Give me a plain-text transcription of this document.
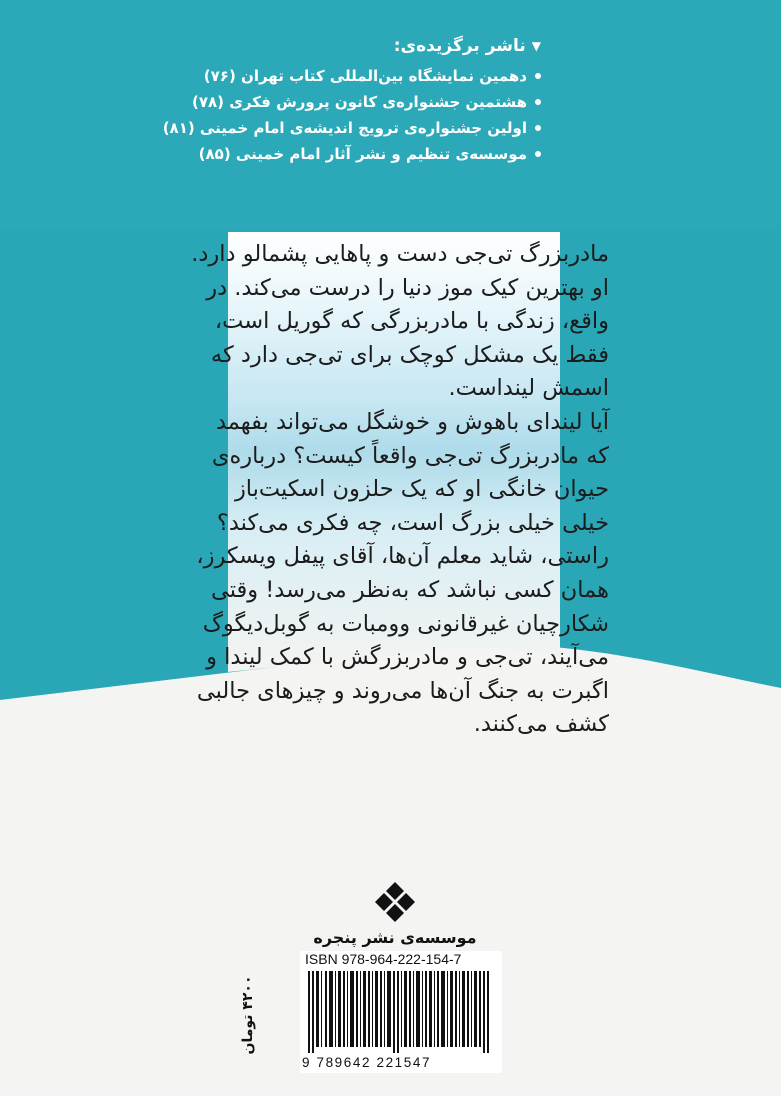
▼
ناشر برگزیده‌ی:
دهمین نمایشگاه بین‌المللی کتاب تهران (۷۶)
هشتمین جشنواره‌ی کانون پرورش فکری (۷۸)
اولین جشنواره‌ی ترویج اندیشه‌ی امام خمینی (۸۱)
موسسه‌ی تنظیم و نشر آثار امام خمینی (۸۵)

مادربزرگ تی‌جی دست و پاهایی پشمالو دارد. او بهترین کیک موز دنیا را درست می‌کند. در واقع، زندگی با مادربزرگی که گوریل است، فقط یک مشکل کوچک برای تی‌جی دارد که اسمش لینداست.

آیا لیندای باهوش و خوشگل می‌تواند بفهمد که مادربزرگ تی‌جی واقعاً کیست؟ درباره‌ی حیوان خانگی او که یک حلزون اسکیت‌باز خیلی خیلی بزرگ است، چه فکری می‌کند؟

راستی، شاید معلم آن‌ها، آقای پیفل ویسکرز، همان کسی نباشد که به‌نظر می‌رسد! وقتی شکارچیان غیرقانونی وومبات به گوبل‌دیگوگ می‌آیند، تی‌جی و مادربزرگش با کمک لیندا و اگبرت به جنگ آن‌ها می‌روند و چیزهای جالبی کشف می‌کنند.

موسسه‌ی نشر پنجره
۴۲۰۰ تومان
ISBN 978-964-222-154-7
9 789642 221547
